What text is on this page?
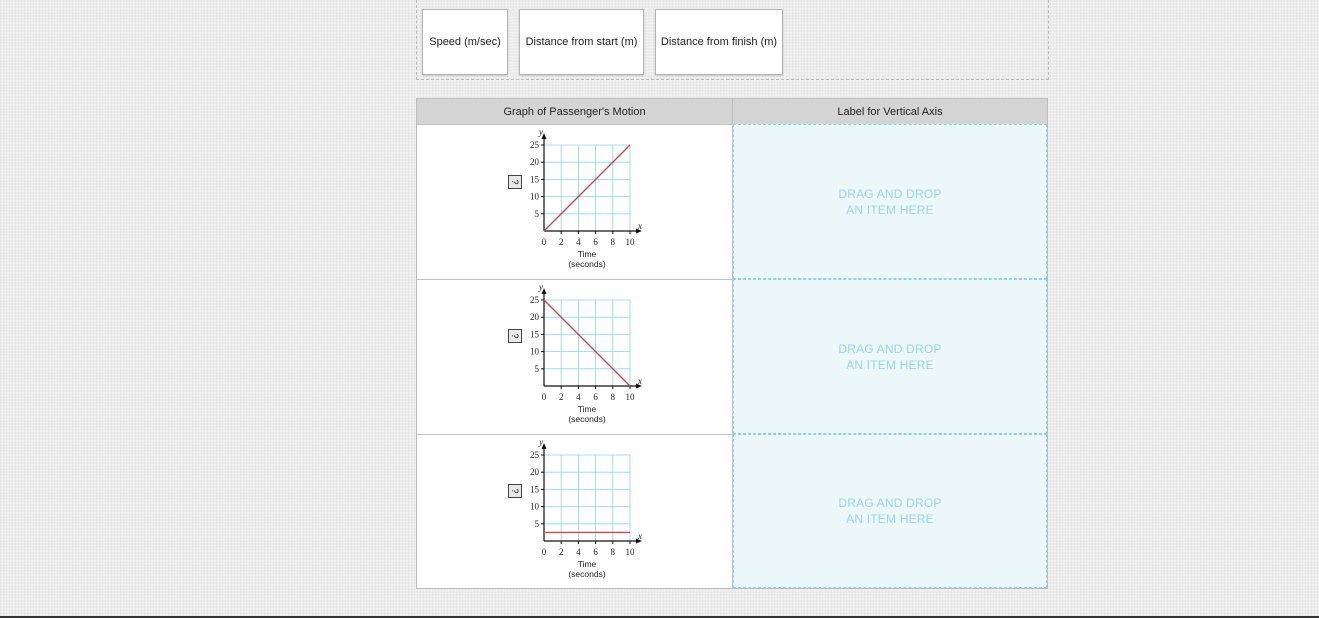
Speed (m/sec)	Distance from start (m)	Distance from finish (m)
Graph of Passenger's Motion	Label for Vertical Axis
?
x
y
5
10
15
20
25
0 2 4 6 8 10
Time
(seconds)
DRAG AND DROP
AN ITEM HERE
?
x
y
5
10
15
20
25
0 2 4 6 8 10
Time
(seconds)
DRAG AND DROP
AN ITEM HERE
?
x
y
5
10
15
20
25
0 2 4 6 8 10
Time
(seconds)
DRAG AND DROP
AN ITEM HERE
